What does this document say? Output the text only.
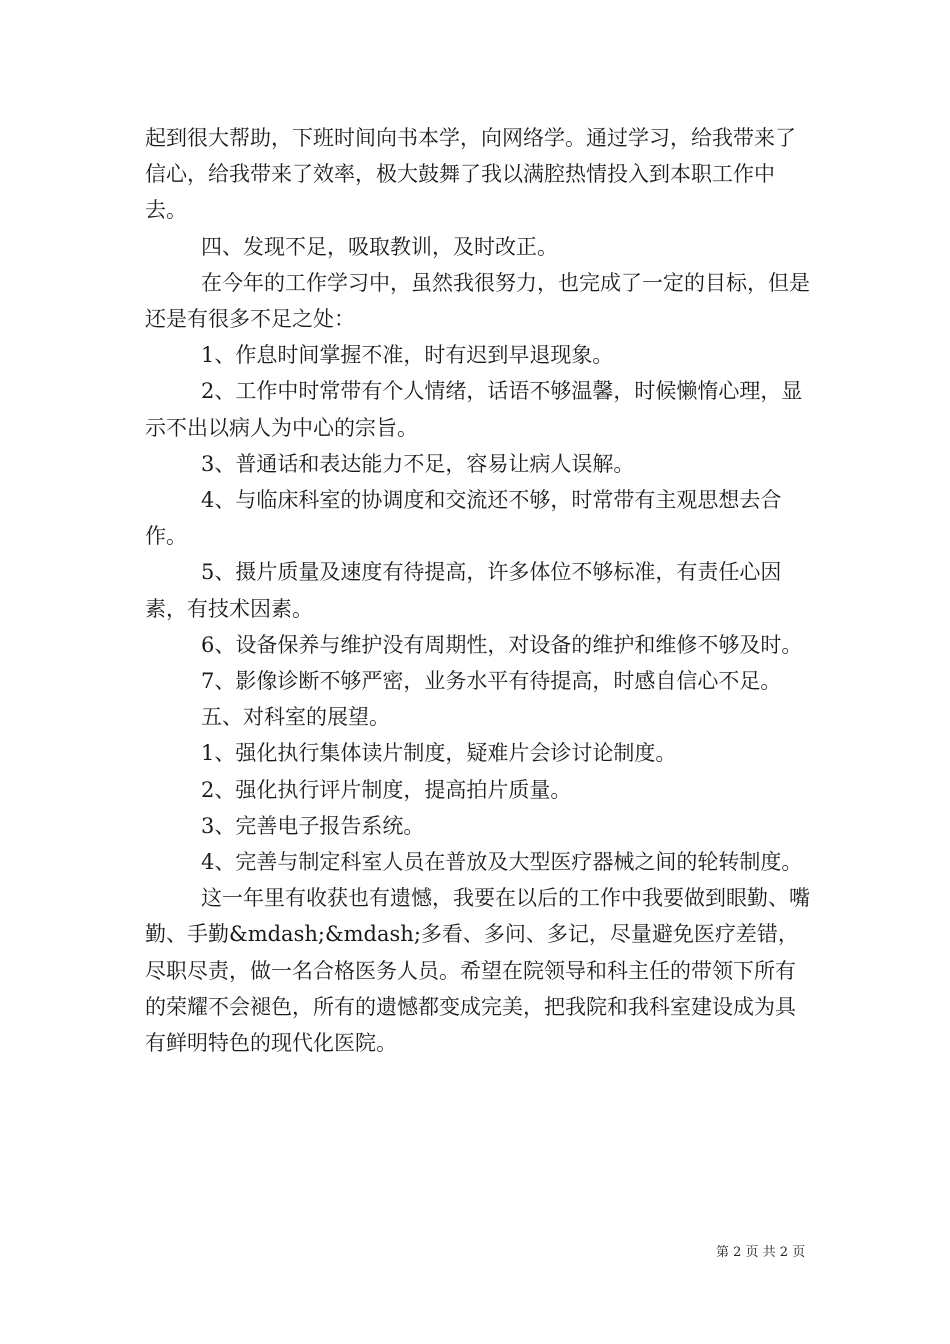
起到很大帮助，下班时间向书本学，向网络学。通过学习，给我带来了信心，给我带来了效率，极大鼓舞了我以满腔热情投入到本职工作中去。

四、发现不足，吸取教训，及时改正。

在今年的工作学习中，虽然我很努力，也完成了一定的目标，但是还是有很多不足之处：

1、作息时间掌握不准，时有迟到早退现象。

2、工作中时常带有个人情绪，话语不够温馨，时候懒惰心理，显示不出以病人为中心的宗旨。

3、普通话和表达能力不足，容易让病人误解。

4、与临床科室的协调度和交流还不够，时常带有主观思想去合作。

5、摄片质量及速度有待提高，许多体位不够标准，有责任心因素，有技术因素。

6、设备保养与维护没有周期性，对设备的维护和维修不够及时。

7、影像诊断不够严密，业务水平有待提高，时感自信心不足。

五、对科室的展望。

1、强化执行集体读片制度，疑难片会诊讨论制度。

2、强化执行评片制度，提高拍片质量。

3、完善电子报告系统。

4、完善与制定科室人员在普放及大型医疗器械之间的轮转制度。

这一年里有收获也有遗憾，我要在以后的工作中我要做到眼勤、嘴勤、手勤&mdash;&mdash;多看、多问、多记，尽量避免医疗差错，尽职尽责，做一名合格医务人员。希望在院领导和科主任的带领下所有的荣耀不会褪色，所有的遗憾都变成完美，把我院和我科室建设成为具有鲜明特色的现代化医院。

第 2 页 共 2 页
